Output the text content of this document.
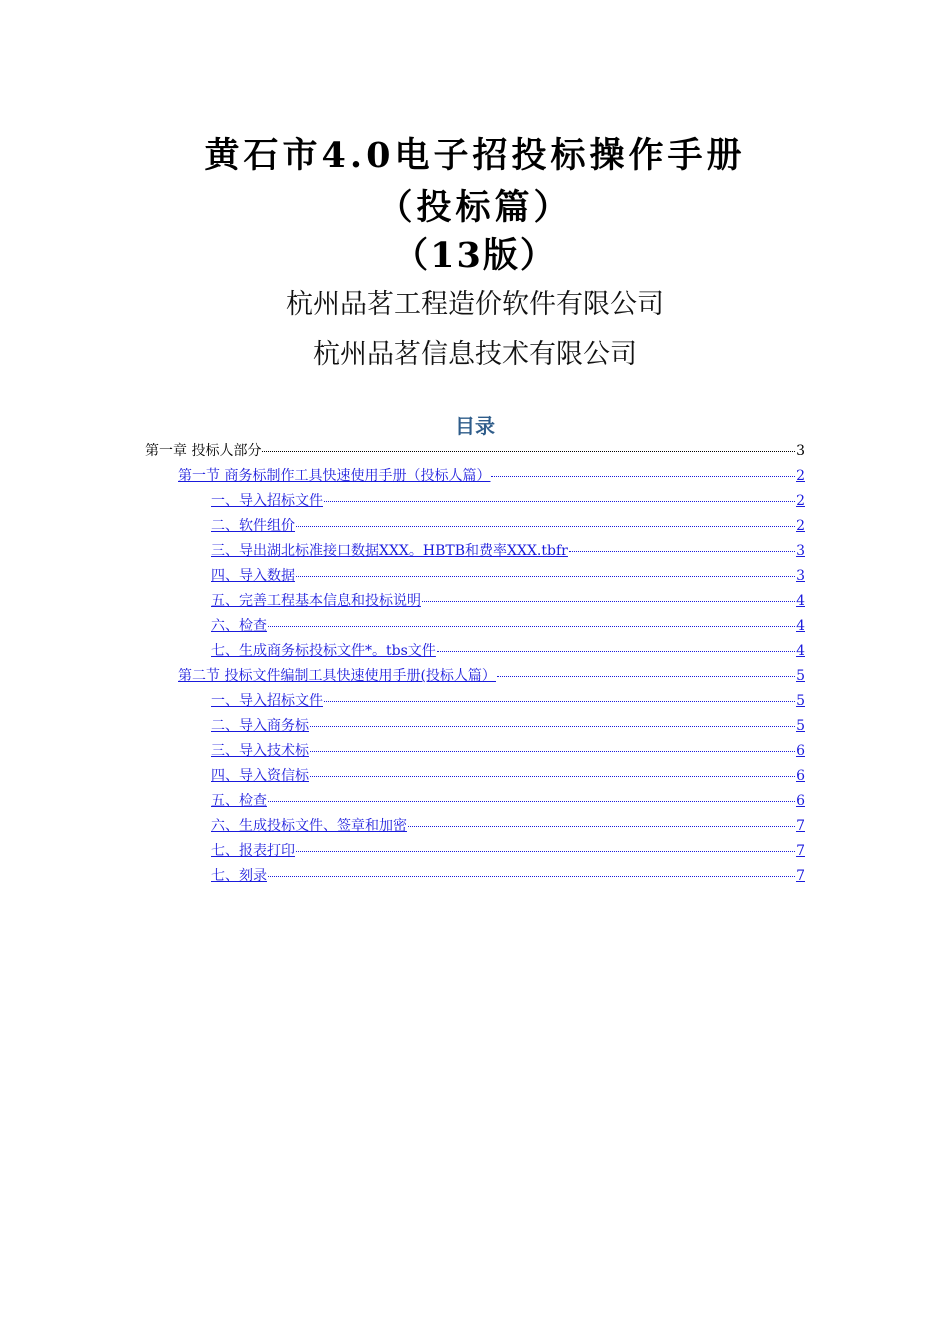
黄石市4.0电子招投标操作手册
（投标篇）
（13版）
杭州品茗工程造价软件有限公司
杭州品茗信息技术有限公司
目录
第一章 投标人部分	3
第一节 商务标制作工具快速使用手册（投标人篇）	2
一、导入招标文件	2
二、软件组价	2
三、导出湖北标准接口数据XXX。HBTB和费率XXX.tbfr	3
四、导入数据	3
五、完善工程基本信息和投标说明	4
六、检查	4
七、生成商务标投标文件*。tbs文件	4
第二节 投标文件编制工具快速使用手册(投标人篇）	5
一、导入招标文件	5
二、导入商务标	5
三、导入技术标	6
四、导入资信标	6
五、检查	6
六、生成投标文件、签章和加密	7
七、报表打印	7
七、刻录	7
